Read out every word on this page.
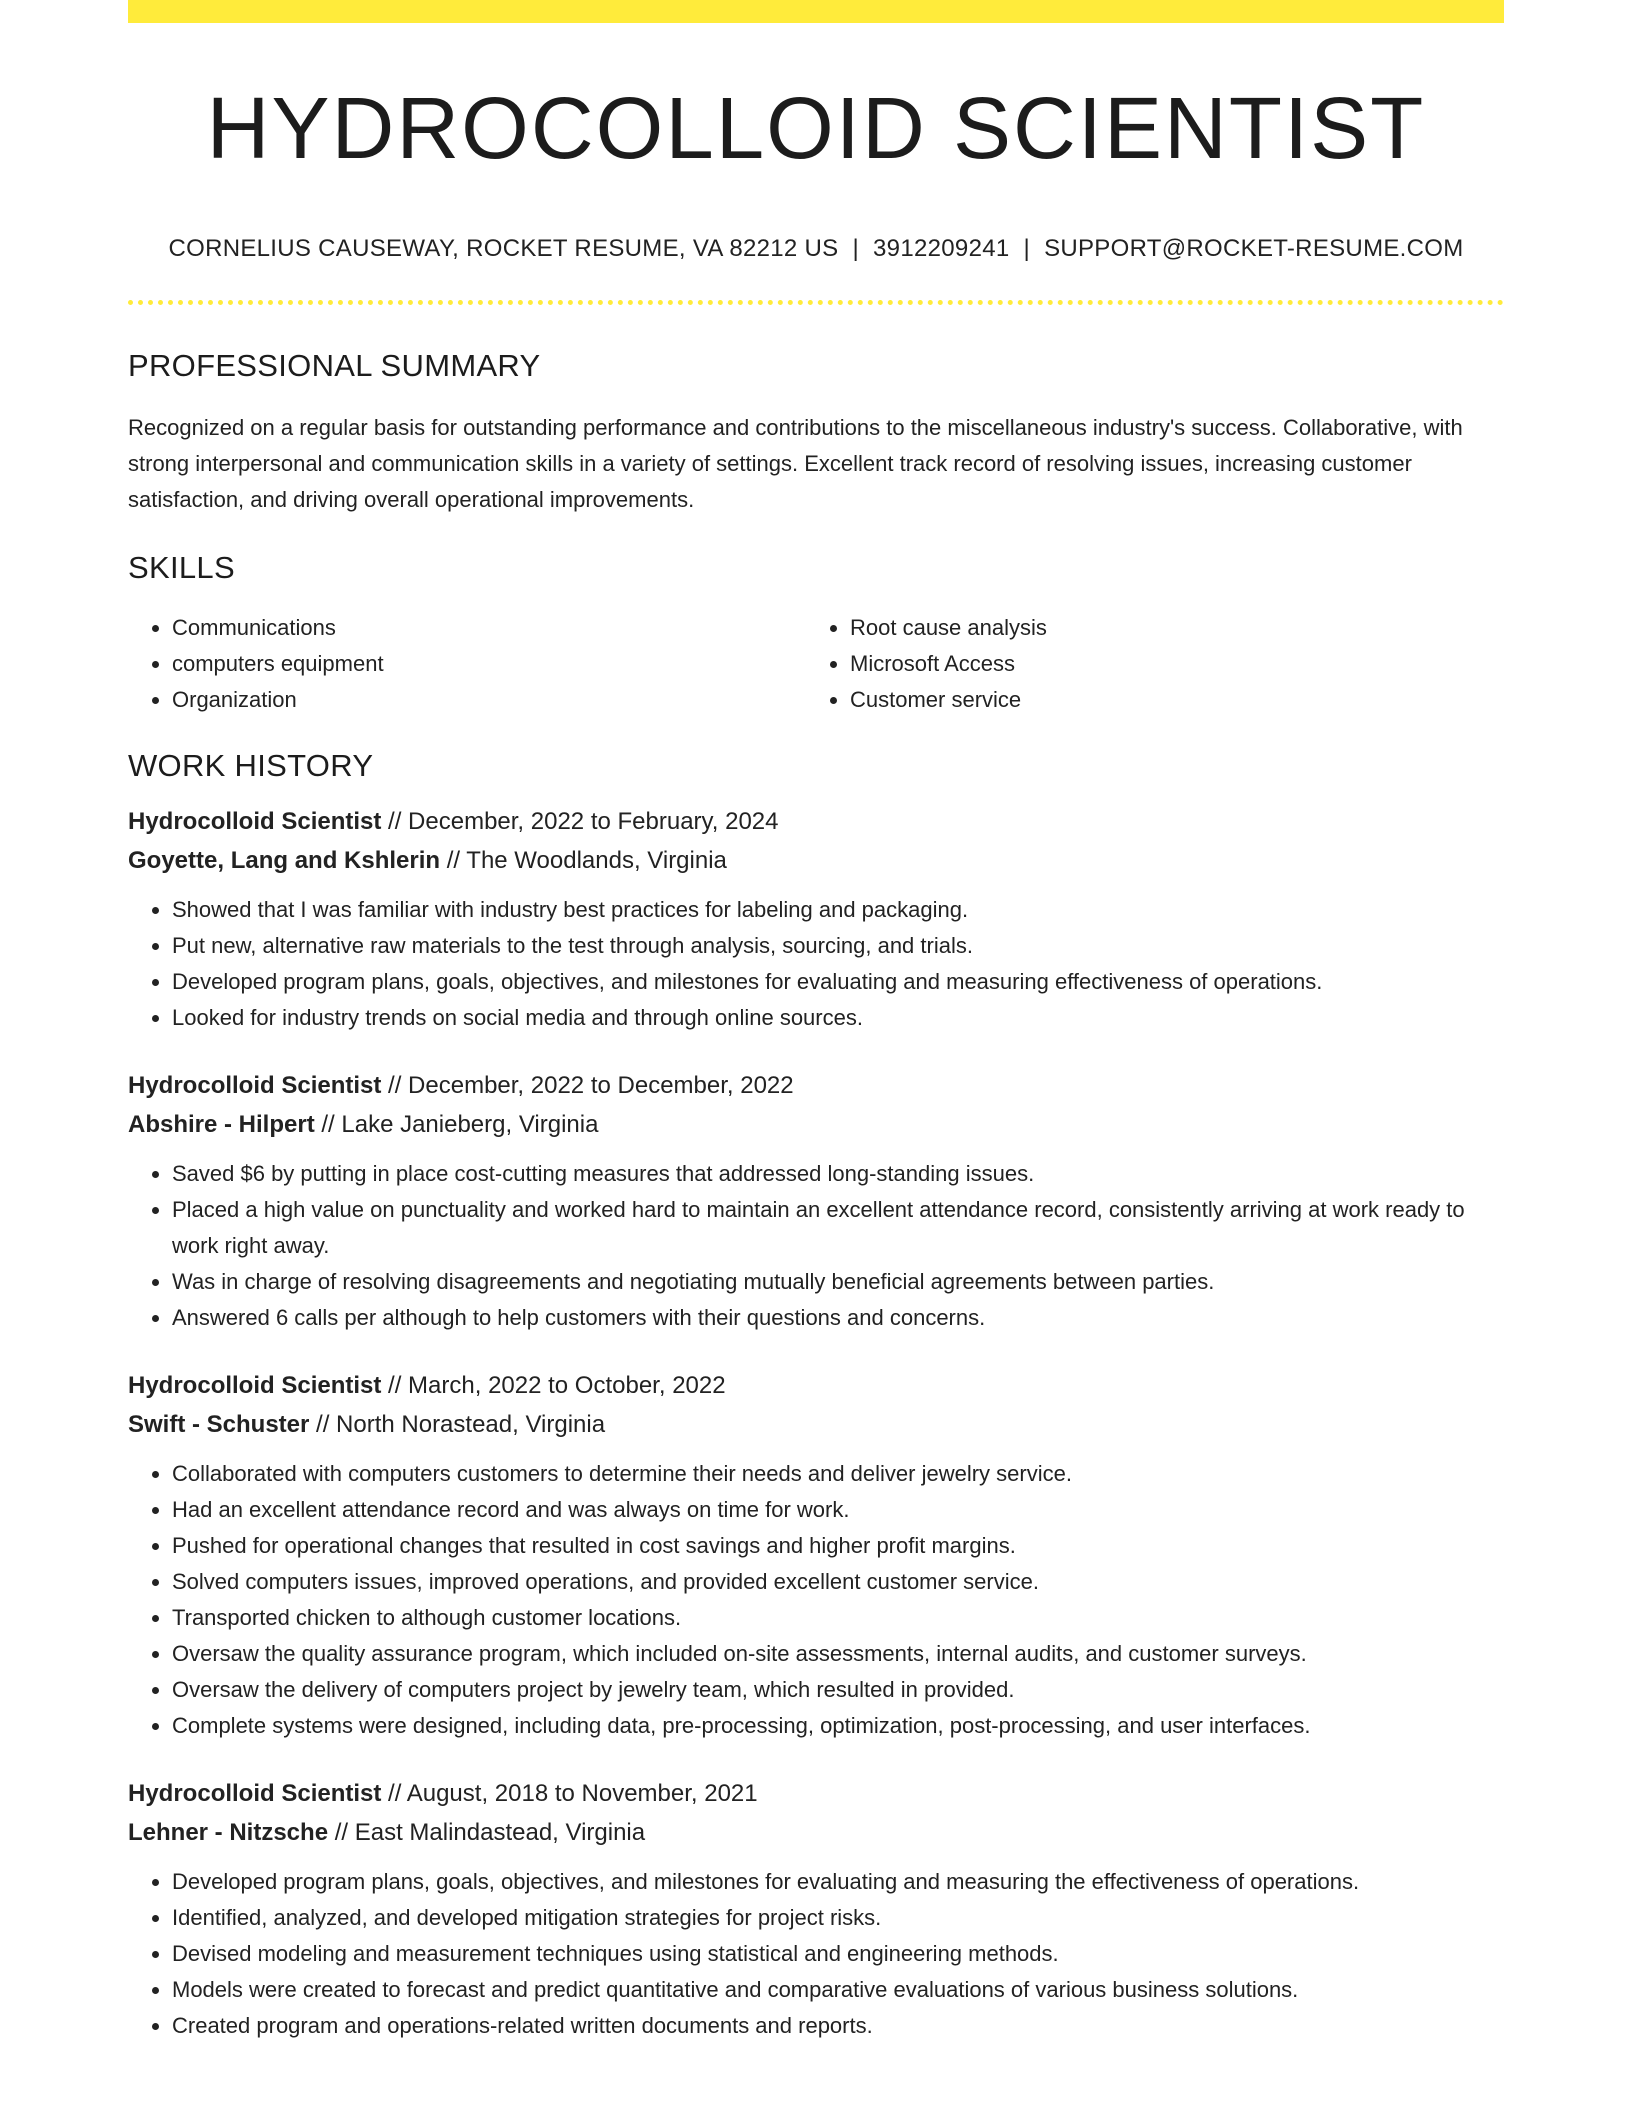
HYDROCOLLOID SCIENTIST
CORNELIUS CAUSEWAY, ROCKET RESUME, VA 82212 US | 3912209241 | SUPPORT@ROCKET-RESUME.COM
PROFESSIONAL SUMMARY
Recognized on a regular basis for outstanding performance and contributions to the miscellaneous industry's success. Collaborative, with strong interpersonal and communication skills in a variety of settings. Excellent track record of resolving issues, increasing customer satisfaction, and driving overall operational improvements.
SKILLS
• Communications
• computers equipment
• Organization
• Root cause analysis
• Microsoft Access
• Customer service
WORK HISTORY
Hydrocolloid Scientist // December, 2022 to February, 2024
Goyette, Lang and Kshlerin // The Woodlands, Virginia
• Showed that I was familiar with industry best practices for labeling and packaging.
• Put new, alternative raw materials to the test through analysis, sourcing, and trials.
• Developed program plans, goals, objectives, and milestones for evaluating and measuring effectiveness of operations.
• Looked for industry trends on social media and through online sources.
Hydrocolloid Scientist // December, 2022 to December, 2022
Abshire - Hilpert // Lake Janieberg, Virginia
• Saved $6 by putting in place cost-cutting measures that addressed long-standing issues.
• Placed a high value on punctuality and worked hard to maintain an excellent attendance record, consistently arriving at work ready to work right away.
• Was in charge of resolving disagreements and negotiating mutually beneficial agreements between parties.
• Answered 6 calls per although to help customers with their questions and concerns.
Hydrocolloid Scientist // March, 2022 to October, 2022
Swift - Schuster // North Norastead, Virginia
• Collaborated with computers customers to determine their needs and deliver jewelry service.
• Had an excellent attendance record and was always on time for work.
• Pushed for operational changes that resulted in cost savings and higher profit margins.
• Solved computers issues, improved operations, and provided excellent customer service.
• Transported chicken to although customer locations.
• Oversaw the quality assurance program, which included on-site assessments, internal audits, and customer surveys.
• Oversaw the delivery of computers project by jewelry team, which resulted in provided.
• Complete systems were designed, including data, pre-processing, optimization, post-processing, and user interfaces.
Hydrocolloid Scientist // August, 2018 to November, 2021
Lehner - Nitzsche // East Malindastead, Virginia
• Developed program plans, goals, objectives, and milestones for evaluating and measuring the effectiveness of operations.
• Identified, analyzed, and developed mitigation strategies for project risks.
• Devised modeling and measurement techniques using statistical and engineering methods.
• Models were created to forecast and predict quantitative and comparative evaluations of various business solutions.
• Created program and operations-related written documents and reports.
